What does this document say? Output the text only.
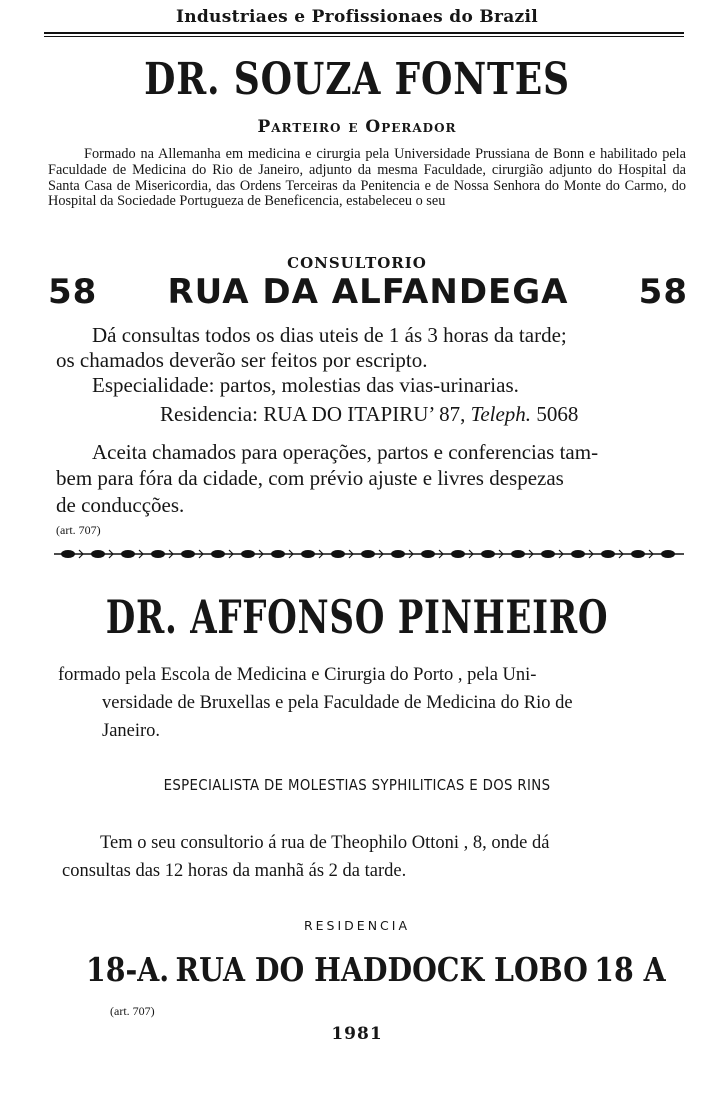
Industriaes e Profissionaes do Brazil
DR. SOUZA FONTES
Parteiro e Operador
Formado na Allemanha em medicina e cirurgia pela Universidade Prussiana de Bonn e habilitado pela Faculdade de Medicina do Rio de Janeiro, adjunto da mesma Faculdade, cirurgião adjunto do Hospital da Santa Casa de Misericordia, das Ordens Terceiras da Penitencia e de Nossa Senhora do Monte do Carmo, do Hospital da Sociedade Portugueza de Beneficencia, estabeleceu o seu
CONSULTORIO
58 RUA DA ALFANDEGA 58
Dá consultas todos os dias uteis de 1 ás 3 horas da tarde;
os chamados deverão ser feitos por escripto.
Especialidade: partos, molestias das vias-urinarias.
Residencia: RUA DO ITAPIRU’ 87, Teleph. 5068
Aceita chamados para operações, partos e conferencias tam-
bem para fóra da cidade, com prévio ajuste e livres despezas
de conducções.
(art. 707)
DR. AFFONSO PINHEIRO
formado pela Escola de Medicina e Cirurgia do Porto , pela Uni-
versidade de Bruxellas e pela Faculdade de Medicina do Rio de
Janeiro.
ESPECIALISTA DE MOLESTIAS SYPHILITICAS E DOS RINS
Tem o seu consultorio á rua de Theophilo Ottoni , 8, onde dá
consultas das 12 horas da manhã ás 2 da tarde.
RESIDENCIA
18-A. RUA DO HADDOCK LOBO 18 A
(art. 707)
1981
